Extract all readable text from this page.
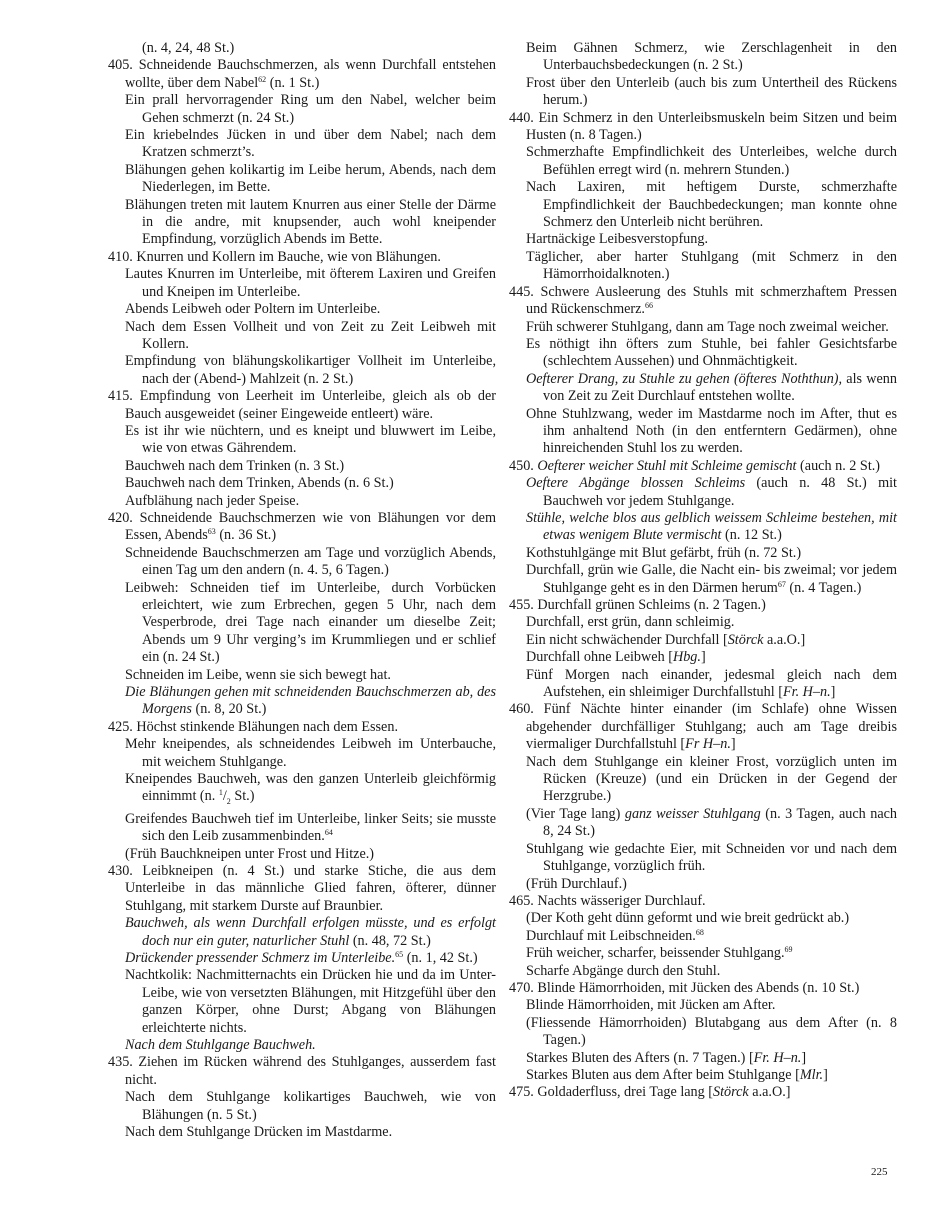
(n. 4, 24, 48 St.)

405. Schneidende Bauchschmerzen, als wenn Durchfall entstehen wollte, über dem Nabel$^{62}$ (n. 1 St.)

Ein prall hervorragender Ring um den Nabel, welcher beim Gehen schmerzt (n. 24 St.)

Ein kriebelndes Jücken in und über dem Nabel; nach dem Kratzen schmerzt’s.

Blähungen gehen kolikartig im Leibe herum, Abends, nach dem Niederlegen, im Bette.

Blähungen treten mit lautem Knurren aus einer Stelle der Därme in die andre, mit knupsender, auch wohl kneipender Empfindung, vorzüglich Abends im Bette.

410. Knurren und Kollern im Bauche, wie von Blähungen.

Lautes Knurren im Unterleibe, mit öfterem Laxiren und Greifen und Kneipen im Unterleibe.

Abends Leibweh oder Poltern im Unterleibe.

Nach dem Essen Vollheit und von Zeit zu Zeit Leibweh mit Kollern.

Empfindung von blähungskolikartiger Vollheit im Unterleibe, nach der (Abend-) Mahlzeit (n. 2 St.)

415. Empfindung von Leerheit im Unterleibe, gleich als ob der Bauch ausgeweidet (seiner Eingeweide entleert) wäre.

Es ist ihr wie nüchtern, und es kneipt und bluwwert im Leibe, wie von etwas Gährendem.

Bauchweh nach dem Trinken (n. 3 St.)

Bauchweh nach dem Trinken, Abends (n. 6 St.)

Aufblähung nach jeder Speise.

420. Schneidende Bauchschmerzen wie von Blähungen vor dem Essen, Abends$^{63}$ (n. 36 St.)

Schneidende Bauchschmerzen am Tage und vorzüglich Abends, einen Tag um den andern (n. 4. 5, 6 Tagen.)

Leibweh: Schneiden tief im Unterleibe, durch Vorbücken erleichtert, wie zum Erbrechen, gegen 5 Uhr, nach dem Vesperbrode, drei Tage nach einander um dieselbe Zeit; Abends um 9 Uhr verging’s im Krummliegen und er schlief ein (n. 24 St.)

Schneiden im Leibe, wenn sie sich bewegt hat.

Die Blähungen gehen mit schneidenden Bauchschmerzen ab, des Morgens (n. 8, 20 St.)

425. Höchst stinkende Blähungen nach dem Essen.

Mehr kneipendes, als schneidendes Leibweh im Unterbauche, mit weichem Stuhlgange.

Kneipendes Bauchweh, was den ganzen Unterleib gleichförmig einnimmt (n. $^1/_2$ St.)

Greifendes Bauchweh tief im Unterleibe, linker Seits; sie musste sich den Leib zusammenbinden.$^{64}$

(Früh Bauchkneipen unter Frost und Hitze.)

430. Leibkneipen (n. 4 St.) und starke Stiche, die aus dem Unterleibe in das männliche Glied fahren, öfterer, dünner Stuhlgang, mit starkem Durste auf Braunbier.

Bauchweh, als wenn Durchfall erfolgen müsste, und es erfolgt doch nur ein guter, naturlicher Stuhl (n. 48, 72 St.)

Drückender pressender Schmerz im Unterleibe.$^{65}$ (n. 1, 42 St.)

Nachtkolik: Nachmitternachts ein Drücken hie und da im Unter-Leibe, wie von versetzten Blähungen, mit Hitzgefühl über den ganzen Körper, ohne Durst; Abgang von Blähungen erleichterte nichts.

Nach dem Stuhlgange Bauchweh.

435. Ziehen im Rücken während des Stuhlganges, ausserdem fast nicht.

Nach dem Stuhlgange kolikartiges Bauchweh, wie von Blähungen (n. 5 St.)

Nach dem Stuhlgange Drücken im Mastdarme.

Beim Gähnen Schmerz, wie Zerschlagenheit in den Unterbauchsbedeckungen (n. 2 St.)

Frost über den Unterleib (auch bis zum Untertheil des Rückens herum.)

440. Ein Schmerz in den Unterleibsmuskeln beim Sitzen und beim Husten (n. 8 Tagen.)

Schmerzhafte Empfindlichkeit des Unterleibes, welche durch Befühlen erregt wird (n. mehrern Stunden.)

Nach Laxiren, mit heftigem Durste, schmerzhafte Empfindlichkeit der Bauchbedeckungen; man konnte ohne Schmerz den Unterleib nicht berühren.

Hartnäckige Leibesverstopfung.

Täglicher, aber harter Stuhlgang (mit Schmerz in den Hämorrhoidalknoten.)

445. Schwere Ausleerung des Stuhls mit schmerzhaftem Pressen und Rückenschmerz.$^{66}$

Früh schwerer Stuhlgang, dann am Tage noch zweimal weicher.

Es nöthigt ihn öfters zum Stuhle, bei fahler Gesichtsfarbe (schlechtem Aussehen) und Ohnmächtigkeit.

Oefterer Drang, zu Stuhle zu gehen (öfteres Noththun), als wenn von Zeit zu Zeit Durchlauf entstehen wollte.

Ohne Stuhlzwang, weder im Mastdarme noch im After, thut es ihm anhaltend Noth (in den entferntern Gedärmen), ohne hinreichenden Stuhl los zu werden.

450. Oefterer weicher Stuhl mit Schleime gemischt (auch n. 2 St.)

Oeftere Abgänge blossen Schleims (auch n. 48 St.) mit Bauchweh vor jedem Stuhlgange.

Stühle, welche blos aus gelblich weissem Schleime bestehen, mit etwas wenigem Blute vermischt (n. 12 St.)

Kothstuhlgänge mit Blut gefärbt, früh (n. 72 St.)

Durchfall, grün wie Galle, die Nacht ein- bis zweimal; vor jedem Stuhlgange geht es in den Därmen herum$^{67}$ (n. 4 Tagen.)

455. Durchfall grünen Schleims (n. 2 Tagen.)

Durchfall, erst grün, dann schleimig.

Ein nicht schwächender Durchfall [Störck a.a.O.]

Durchfall ohne Leibweh [Hbg.]

Fünf Morgen nach einander, jedesmal gleich nach dem Aufstehen, ein shleimiger Durchfallstuhl [Fr. H–n.]

460. Fünf Nächte hinter einander (im Schlafe) ohne Wissen abgehender durchfälliger Stuhlgang; auch am Tage dreibis viermaliger Durchfallstuhl [Fr H–n.]

Nach dem Stuhlgange ein kleiner Frost, vorzüglich unten im Rücken (Kreuze) (und ein Drücken in der Gegend der Herzgrube.)

(Vier Tage lang) ganz weisser Stuhlgang (n. 3 Tagen, auch nach 8, 24 St.)

Stuhlgang wie gedachte Eier, mit Schneiden vor und nach dem Stuhlgange, vorzüglich früh.

(Früh Durchlauf.)

465. Nachts wässeriger Durchlauf.

(Der Koth geht dünn geformt und wie breit gedrückt ab.)

Durchlauf mit Leibschneiden.$^{68}$

Früh weicher, scharfer, beissender Stuhlgang.$^{69}$

Scharfe Abgänge durch den Stuhl.

470. Blinde Hämorrhoiden, mit Jücken des Abends (n. 10 St.)

Blinde Hämorrhoiden, mit Jücken am After.

(Fliessende Hämorrhoiden) Blutabgang aus dem After (n. 8 Tagen.)

Starkes Bluten des Afters (n. 7 Tagen.) [Fr. H–n.]

Starkes Bluten aus dem After beim Stuhlgange [Mlr.]

475. Goldaderfluss, drei Tage lang [Störck a.a.O.]

225
